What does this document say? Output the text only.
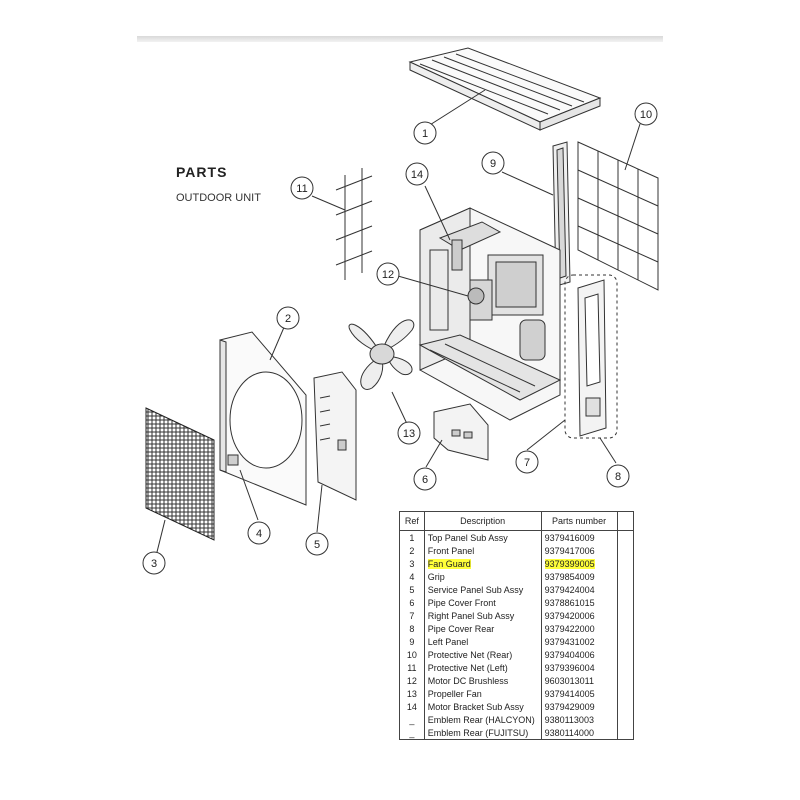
PARTS
OUTDOOR UNIT
1
2
3
4
5
6
7
8
9
10
11
12
13
14
Ref	Description	Parts number	
1	Top Panel Sub Assy	9379416009	
2	Front Panel	9379417006	
3	Fan Guard	9379399005	
4	Grip	9379854009	
5	Service Panel Sub Assy	9379424004	
6	Pipe Cover Front	9378861015	
7	Right Panel Sub Assy	9379420006	
8	Pipe Cover Rear	9379422000	
9	Left Panel	9379431002	
10	Protective Net (Rear)	9379404006	
11	Protective Net (Left)	9379396004	
12	Motor DC Brushless	9603013011	
13	Propeller Fan	9379414005	
14	Motor Bracket Sub Assy	9379429009	
_	Emblem Rear (HALCYON)	9380113003	
_	Emblem Rear (FUJITSU)	9380114000	
